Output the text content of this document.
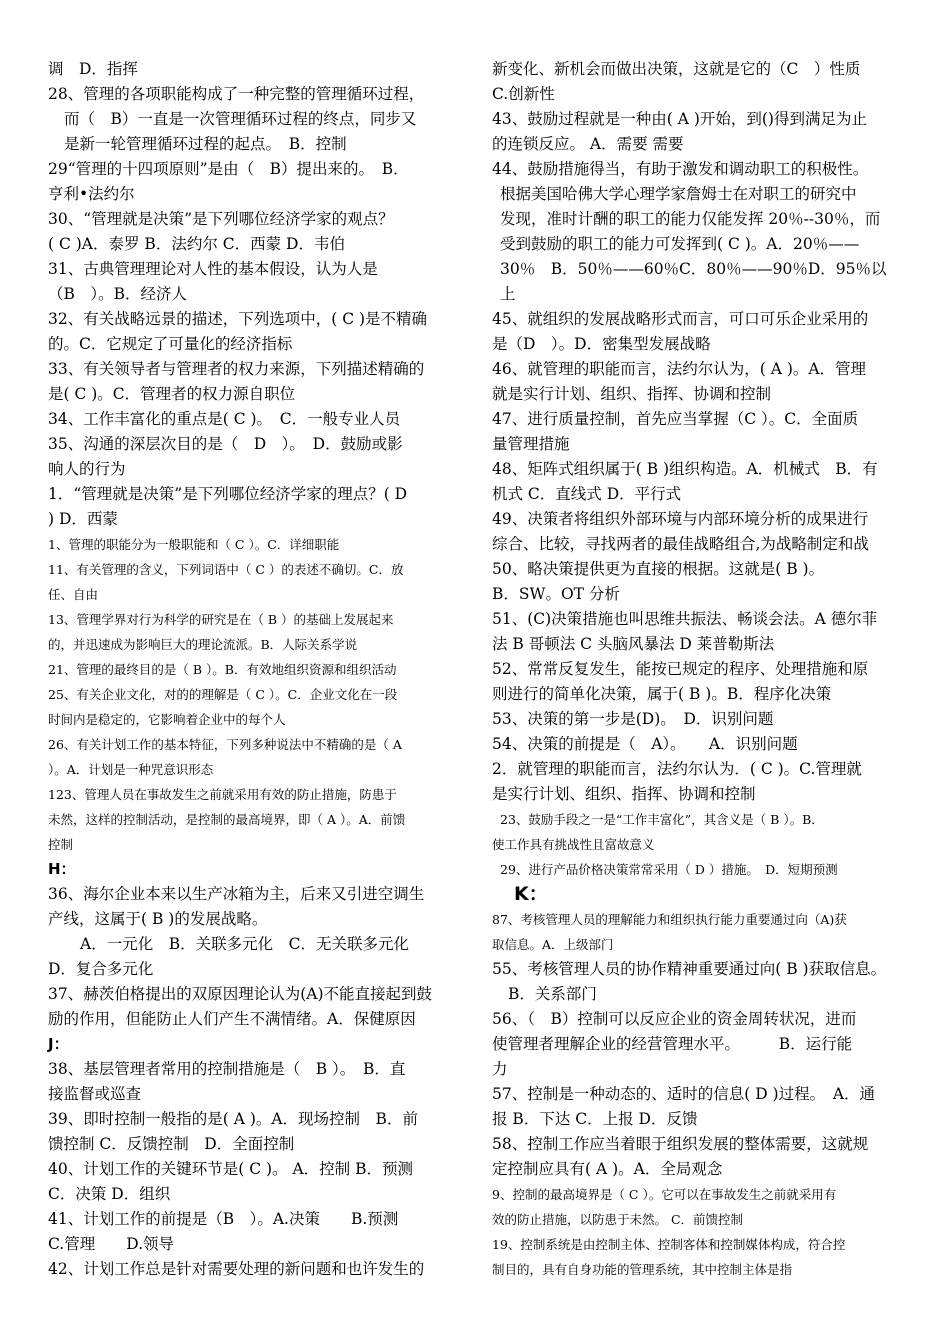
调　D．指挥

28、管理的各项职能构成了一种完整的管理循环过程，

而（　B）一直是一次管理循环过程的终点，同步又

是新一轮管理循环过程的起点。　B．控制

29“管理的十四项原则”是由（　B）提出来的。　B．

亨利•法约尔

30、“管理就是决策”是下列哪位经济学家的观点？

( C )A．泰罗 B．法约尔 C．西蒙 D．韦伯

31、古典管理理论对人性的基本假设，认为人是

（B　）。B．经济人

32、有关战略远景的描述，下列选项中，( C )是不精确

的。C．它规定了可量化的经济指标

33、有关领导者与管理者的权力来源，下列描述精确的

是( C )。C．管理者的权力源自职位

34、工作丰富化的重点是( C )。　C．一般专业人员

35、沟通的深层次目的是（　D　）。　D．鼓励或影

响人的行为

1．“管理就是决策”是下列哪位经济学家的理点？( D

) D．西蒙

1、管理的职能分为一般职能和（ C ）。C．详细职能

11、有关管理的含义，下列词语中（ C ）的表述不确切。C．放

任、自由

13、管理学界对行为科学的研究是在（ B ）的基础上发展起来

的，并迅速成为影响巨大的理论流派。B．人际关系学说

21、管理的最终目的是（ B ）。B．有效地组织资源和组织活动

25、有关企业文化，对的的理解是（ C ）。C．企业文化在一段

时间内是稳定的，它影响着企业中的每个人

26、有关计划工作的基本特征，下列多种说法中不精确的是（ A

）。A．计划是一种咒意识形态

123、管理人员在事故发生之前就采用有效的防止措施，防患于

未然，这样的控制活动，是控制的最高境界，即（ A ）。A．前馈

控制

H：

36、海尔企业本来以生产冰箱为主，后来又引进空调生

产线，这属于( B )的发展战略。

A．一元化　B．关联多元化　C．无关联多元化

D．复合多元化

37、赫茨伯格提出的双原因理论认为(A)不能直接起到鼓

励的作用，但能防止人们产生不满情绪。A．保健原因

J：

38、基层管理者常用的控制措施是（　B ）。　B．直

接监督或巡查

39、即时控制一般指的是( A )。A．现场控制　B．前

馈控制 C．反馈控制　D．全面控制

40、计划工作的关键环节是( C )。 A．控制 B．预测

C．决策 D．组织

41、计划工作的前提是（B　）。A.决策　　B.预测

C.管理　　D.领导

42、计划工作总是针对需要处理的新问题和也许发生的

新变化、新机会而做出决策，这就是它的（C　）性质

C.创新性

43、鼓励过程就是一种由( A )开始，到()得到满足为止

的连锁反应。 A．需要 需要

44、鼓励措施得当，有助于激发和调动职工的积极性。

根据美国哈佛大学心理学家詹姆士在对职工的研究中

发现，准时计酬的职工的能力仅能发挥 20％--30％，而

受到鼓励的职工的能力可发挥到( C )。A．20％——

30％　B．50％——60％C．80％——90％D．95％以

上

45、就组织的发展战略形式而言，可口可乐企业采用的

是（D　）。D．密集型发展战略

46、就管理的职能而言，法约尔认为，( A )。A．管理

就是实行计划、组织、指挥、协调和控制

47、进行质量控制，首先应当掌握（C ）。C．全面质

量管理措施

48、矩阵式组织属于( B )组织构造。A．机械式　B．有

机式 C．直线式 D．平行式

49、决策者将组织外部环境与内部环境分析的成果进行

综合、比较，寻找两者的最佳战略组合,为战略制定和战

50、略决策提供更为直接的根据。这就是( B )。

B．SW。OT 分析

51、(C)决策措施也叫思维共振法、畅谈会法。A 德尔菲

法 B 哥顿法 C 头脑风暴法 D 莱普勒斯法

52、常常反复发生，能按已规定的程序、处理措施和原

则进行的简单化决策，属于( B )。B．程序化决策

53、决策的第一步是(D)。　D．识别问题

54、决策的前提是（　A）。　　A．识别问题

2．就管理的职能而言，法约尔认为．( C )。C.管理就

是实行计划、组织、指挥、协调和控制

23、鼓励手段之一是“工作丰富化”，其含义是（ B ）。B．

使工作具有挑战性且富故意义

29、进行产品价格决策常常采用（ D ）措施。　D．短期预测

K：

87、考核管理人员的理解能力和组织执行能力重要通过向（A)获

取信息。A．上级部门

55、考核管理人员的协作精神重要通过向( B )获取信息。

B．关系部门

56、（　B）控制可以反应企业的资金周转状况，进而

使管理者理解企业的经营管理水平。　　　B．运行能

力

57、控制是一种动态的、适时的信息( D )过程。　A．通

报 B．下达 C．上报 D．反馈

58、控制工作应当着眼于组织发展的整体需要，这就规

定控制应具有( A )。A．全局观念

9、控制的最高境界是（ C ）。它可以在事故发生之前就采用有

效的防止措施，以防患于未然。 C．前馈控制

19、控制系统是由控制主体、控制客体和控制媒体构成，符合控

制目的，具有自身功能的管理系统，其中控制主体是指
